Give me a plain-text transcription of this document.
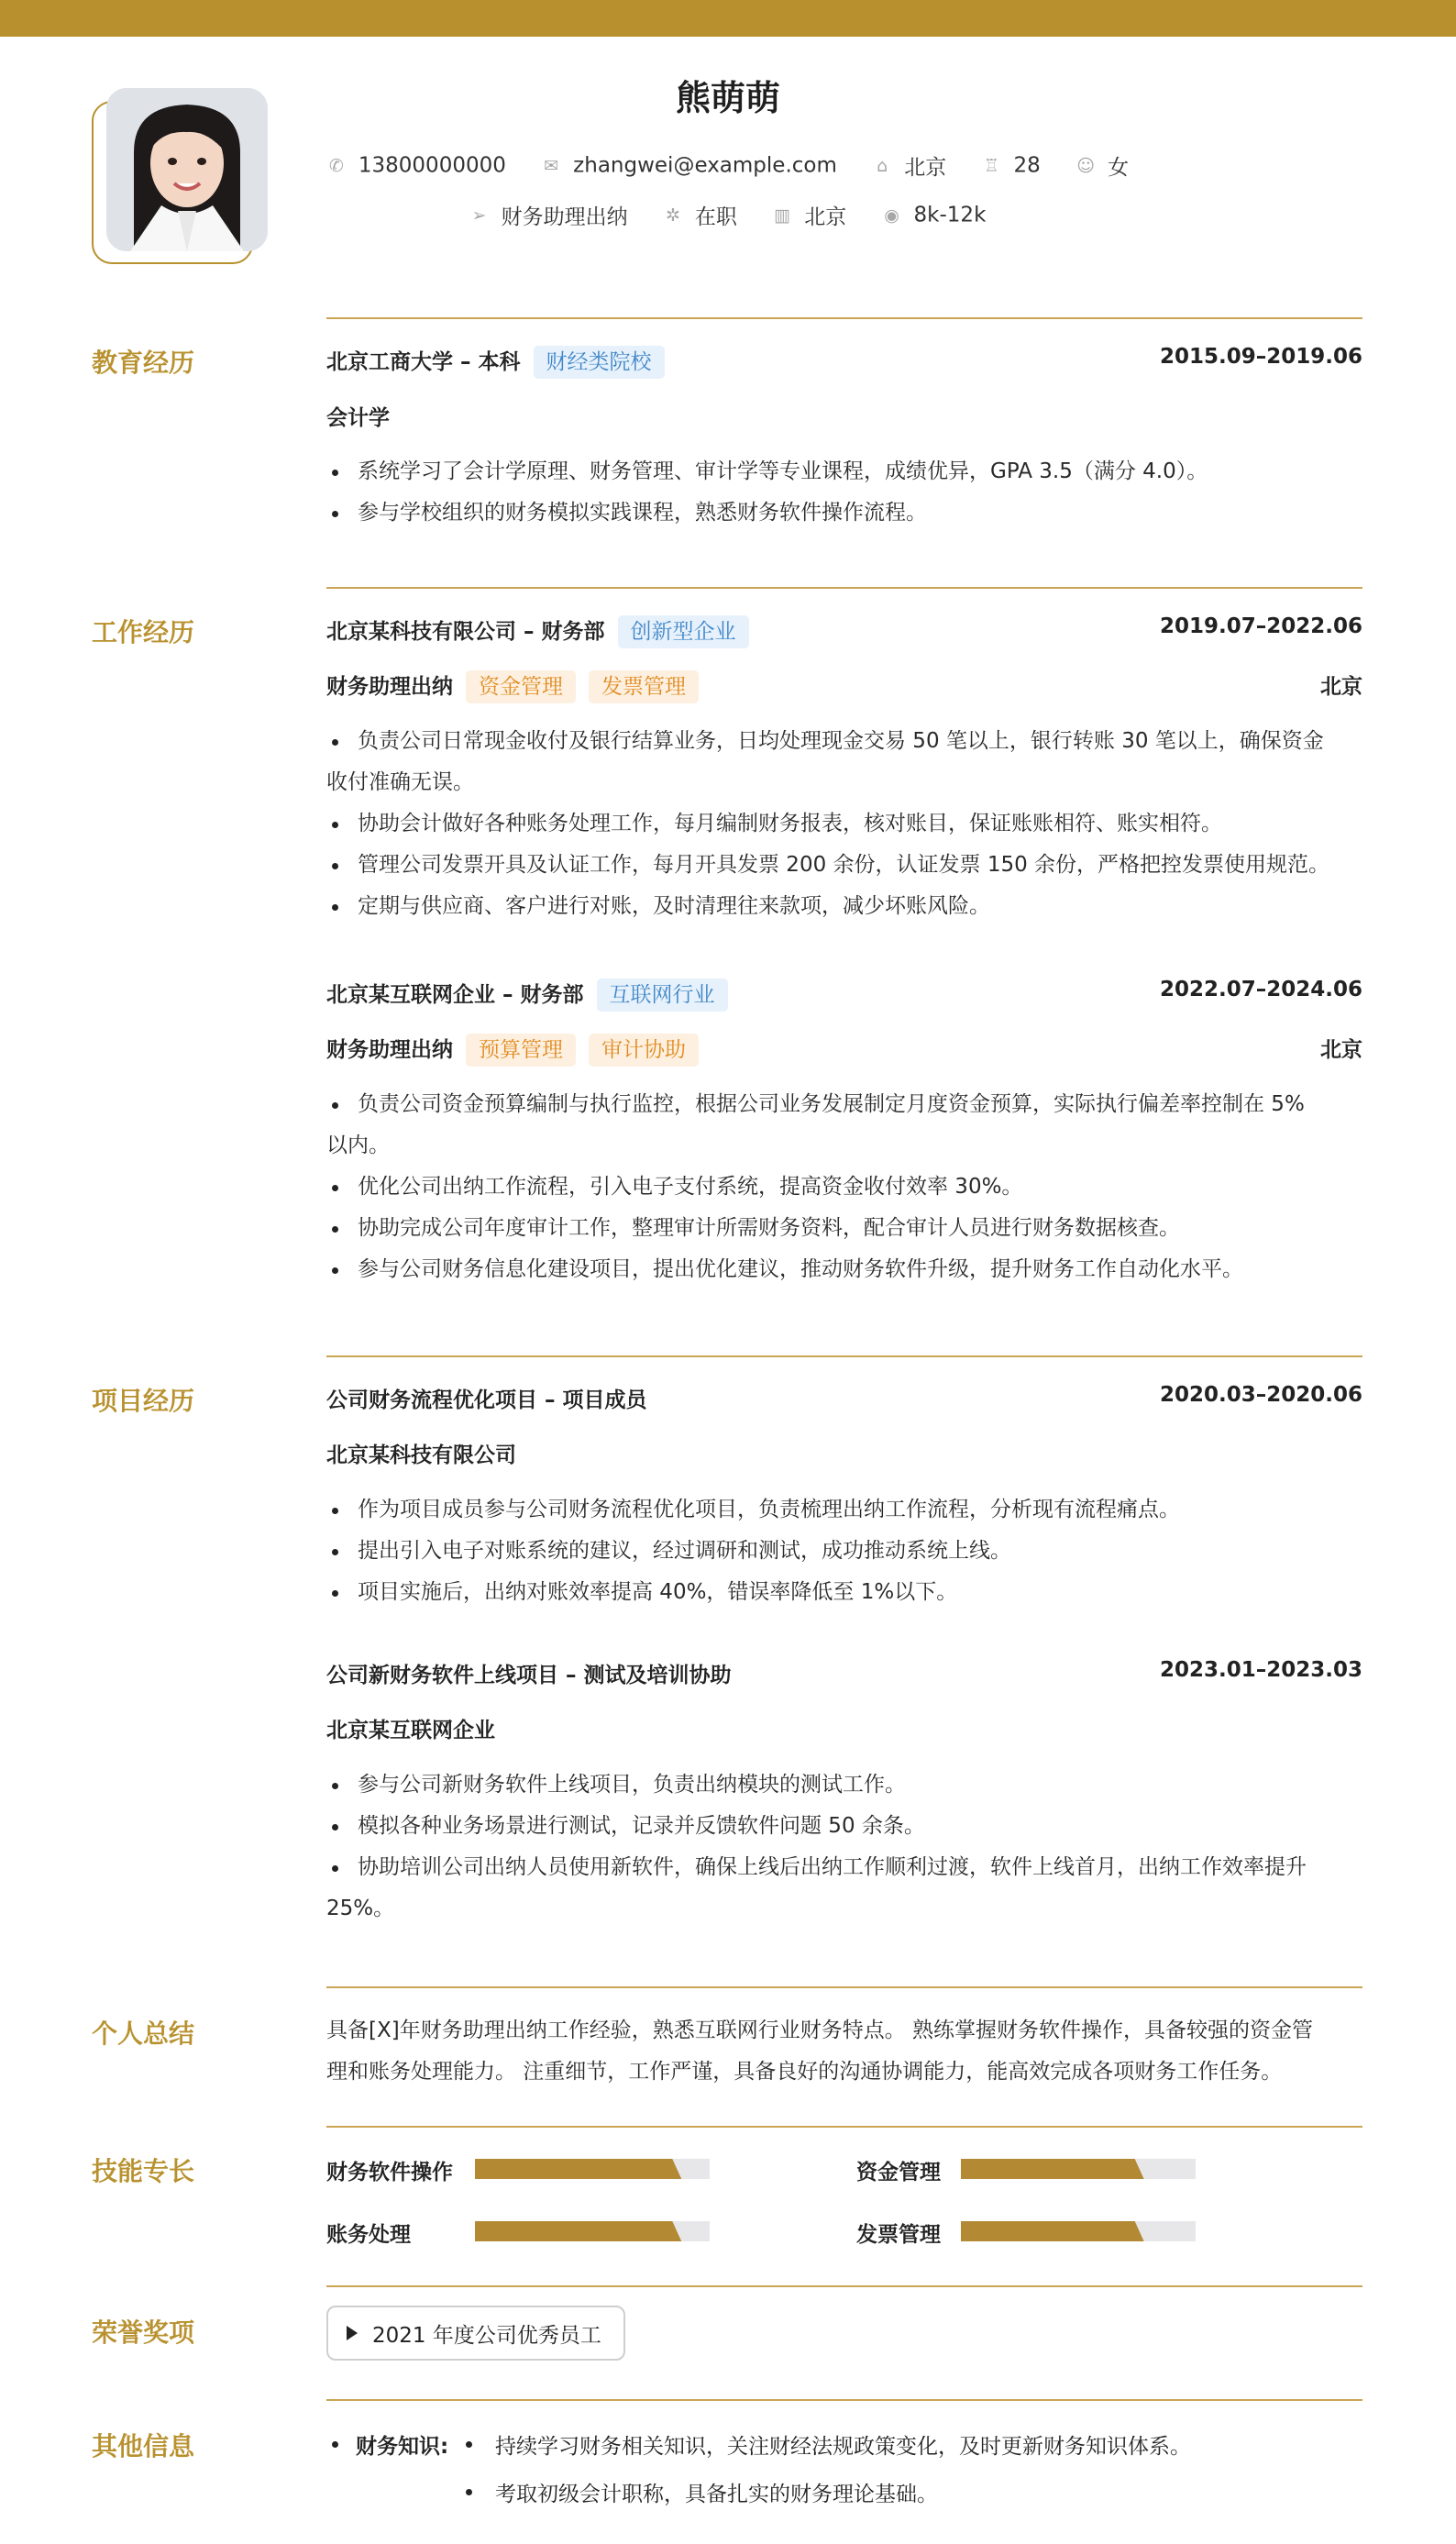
熊萌萌
✆ 13800000000 ✉ zhangwei@example.com ⌂ 北京 ♖ 28 ☺ 女
➢ 财务助理出纳 ✲ 在职 ▥ 北京 ◉ 8k-12k
教育经历	北京工商大学 – 本科 财经类院校	2015.09–2019.06
会计学
系统学习了会计学原理、财务管理、审计学等专业课程，成绩优异，GPA 3.5（满分 4.0）。
参与学校组织的财务模拟实践课程，熟悉财务软件操作流程。
工作经历	北京某科技有限公司 – 财务部 创新型企业	2019.07–2022.06
财务助理出纳 资金管理 发票管理	北京
负责公司日常现金收付及银行结算业务，日均处理现金交易 50 笔以上，银行转账 30 笔以上，确保资金
收付准确无误。
协助会计做好各种账务处理工作，每月编制财务报表，核对账目，保证账账相符、账实相符。
管理公司发票开具及认证工作，每月开具发票 200 余份，认证发票 150 余份，严格把控发票使用规范。
定期与供应商、客户进行对账，及时清理往来款项，减少坏账风险。
北京某互联网企业 – 财务部 互联网行业	2022.07–2024.06
财务助理出纳 预算管理 审计协助	北京
负责公司资金预算编制与执行监控，根据公司业务发展制定月度资金预算，实际执行偏差率控制在 5%
以内。
优化公司出纳工作流程，引入电子支付系统，提高资金收付效率 30%。
协助完成公司年度审计工作，整理审计所需财务资料，配合审计人员进行财务数据核查。
参与公司财务信息化建设项目，提出优化建议，推动财务软件升级，提升财务工作自动化水平。
项目经历	公司财务流程优化项目 – 项目成员	2020.03–2020.06
北京某科技有限公司
作为项目成员参与公司财务流程优化项目，负责梳理出纳工作流程，分析现有流程痛点。
提出引入电子对账系统的建议，经过调研和测试，成功推动系统上线。
项目实施后，出纳对账效率提高 40%，错误率降低至 1%以下。
公司新财务软件上线项目 – 测试及培训协助	2023.01–2023.03
北京某互联网企业
参与公司新财务软件上线项目，负责出纳模块的测试工作。
模拟各种业务场景进行测试，记录并反馈软件问题 50 余条。
协助培训公司出纳人员使用新软件，确保上线后出纳工作顺利过渡，软件上线首月，出纳工作效率提升
25%。
个人总结	具备[X]年财务助理出纳工作经验，熟悉互联网行业财务特点。 熟练掌握财务软件操作，具备较强的资金管
理和账务处理能力。 注重细节，工作严谨，具备良好的沟通协调能力，能高效完成各项财务工作任务。
技能专长	财务软件操作	资金管理
账务处理	发票管理
荣誉奖项	2021 年度公司优秀员工
其他信息	财务知识: 持续学习财务相关知识，关注财经法规政策变化，及时更新财务知识体系。
考取初级会计职称，具备扎实的财务理论基础。
